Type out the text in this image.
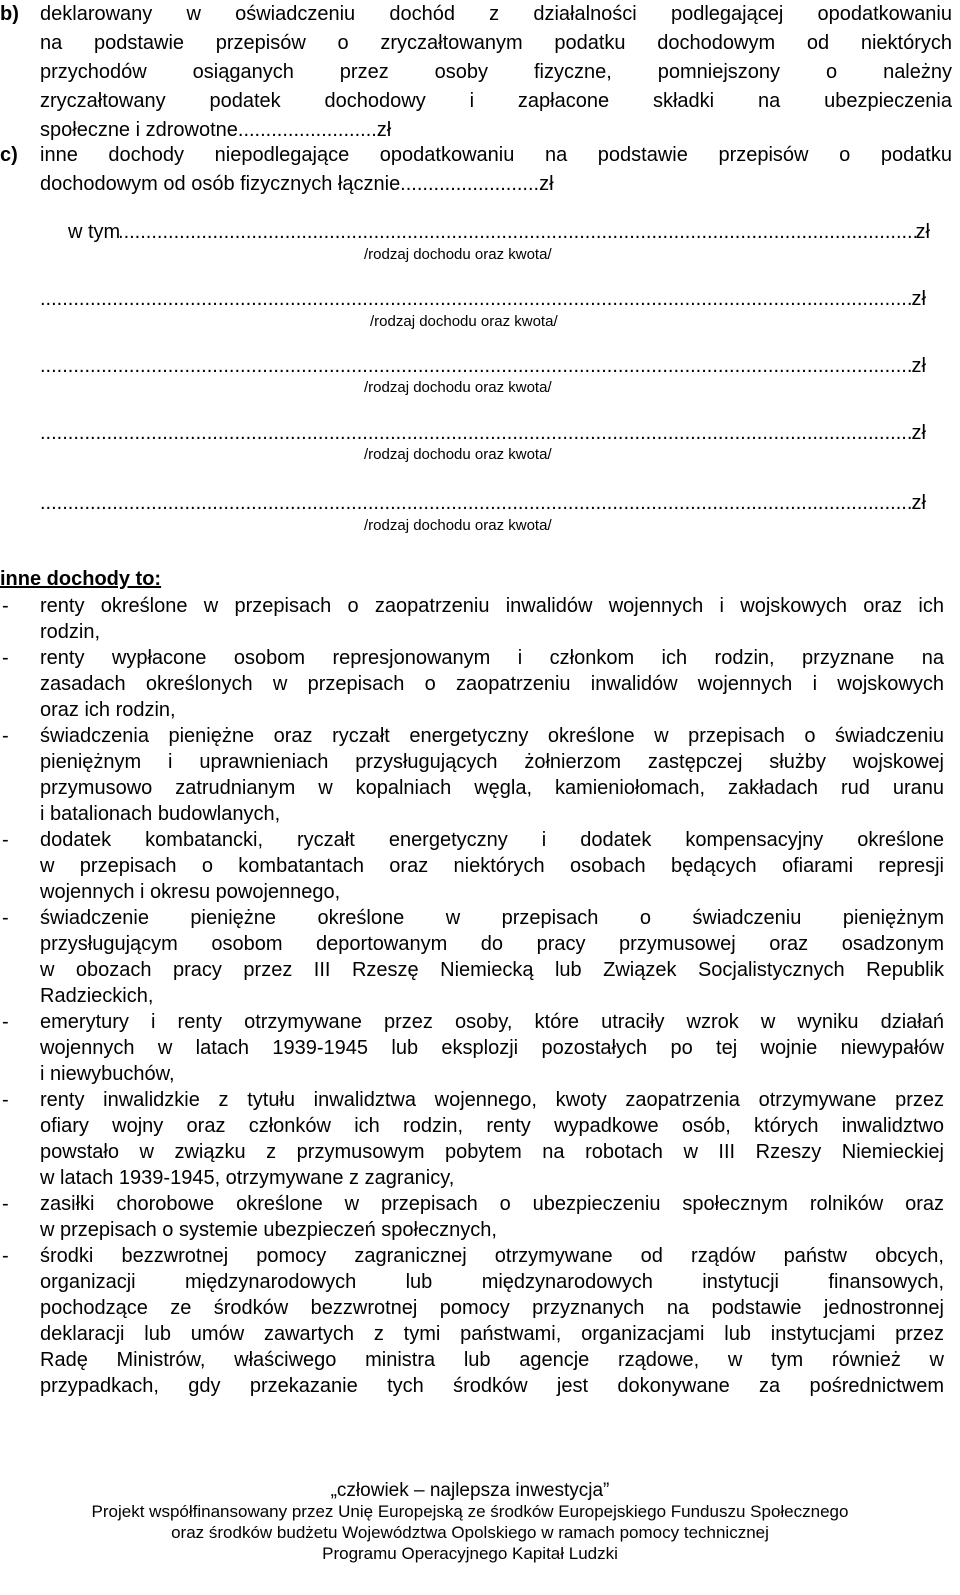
b) deklarowany w oświadczeniu dochód z działalności podlegającej opodatkowaniu

na podstawie przepisów o zryczałtowanym podatku dochodowym od niektórych

przychodów osiąganych przez osoby fizyczne, pomniejszony o należny

zryczałtowany podatek dochodowy i zapłacone składki na ubezpieczenia

społeczne i zdrowotne.........................zł

c) inne dochody niepodlegające opodatkowaniu na podstawie przepisów o podatku

dochodowym od osób fizycznych łącznie.........................zł

.....
w tym	zł
/rodzaj dochodu oraz kwota/
.....
zł
/rodzaj dochodu oraz kwota/
.....
zł
/rodzaj dochodu oraz kwota/
.....
zł
/rodzaj dochodu oraz kwota/
.....
zł
/rodzaj dochodu oraz kwota/
inne dochody to:
- renty określone w przepisach o zaopatrzeniu inwalidów wojennych i wojskowych oraz ich

rodzin,

- renty wypłacone osobom represjonowanym i członkom ich rodzin, przyznane na

zasadach określonych w przepisach o zaopatrzeniu inwalidów wojennych i wojskowych

oraz ich rodzin,

- świadczenia pieniężne oraz ryczałt energetyczny określone w przepisach o świadczeniu

pieniężnym i uprawnieniach przysługujących żołnierzom zastępczej służby wojskowej

przymusowo zatrudnianym w kopalniach węgla, kamieniołomach, zakładach rud uranu

i batalionach budowlanych,

- dodatek kombatancki, ryczałt energetyczny i dodatek kompensacyjny określone

w przepisach o kombatantach oraz niektórych osobach będących ofiarami represji

wojennych i okresu powojennego,

- świadczenie pieniężne określone w przepisach o świadczeniu pieniężnym

przysługującym osobom deportowanym do pracy przymusowej oraz osadzonym

w obozach pracy przez III Rzeszę Niemiecką lub Związek Socjalistycznych Republik

Radzieckich,

- emerytury i renty otrzymywane przez osoby, które utraciły wzrok w wyniku działań

wojennych w latach 1939-1945 lub eksplozji pozostałych po tej wojnie niewypałów

i niewybuchów,

- renty inwalidzkie z tytułu inwalidztwa wojennego, kwoty zaopatrzenia otrzymywane przez

ofiary wojny oraz członków ich rodzin, renty wypadkowe osób, których inwalidztwo

powstało w związku z przymusowym pobytem na robotach w III Rzeszy Niemieckiej

w latach 1939-1945, otrzymywane z zagranicy,

- zasiłki chorobowe określone w przepisach o ubezpieczeniu społecznym rolników oraz

w przepisach o systemie ubezpieczeń społecznych,

- środki bezzwrotnej pomocy zagranicznej otrzymywane od rządów państw obcych,

organizacji międzynarodowych lub międzynarodowych instytucji finansowych,

pochodzące ze środków bezzwrotnej pomocy przyznanych na podstawie jednostronnej

deklaracji lub umów zawartych z tymi państwami, organizacjami lub instytucjami przez

Radę Ministrów, właściwego ministra lub agencje rządowe, w tym również w

przypadkach, gdy przekazanie tych środków jest dokonywane za pośrednictwem

„człowiek – najlepsza inwestycja”
Projekt współfinansowany przez Unię Europejską ze środków Europejskiego Funduszu Społecznego
oraz środków budżetu Województwa Opolskiego w ramach pomocy technicznej
Programu Operacyjnego Kapitał Ludzki
